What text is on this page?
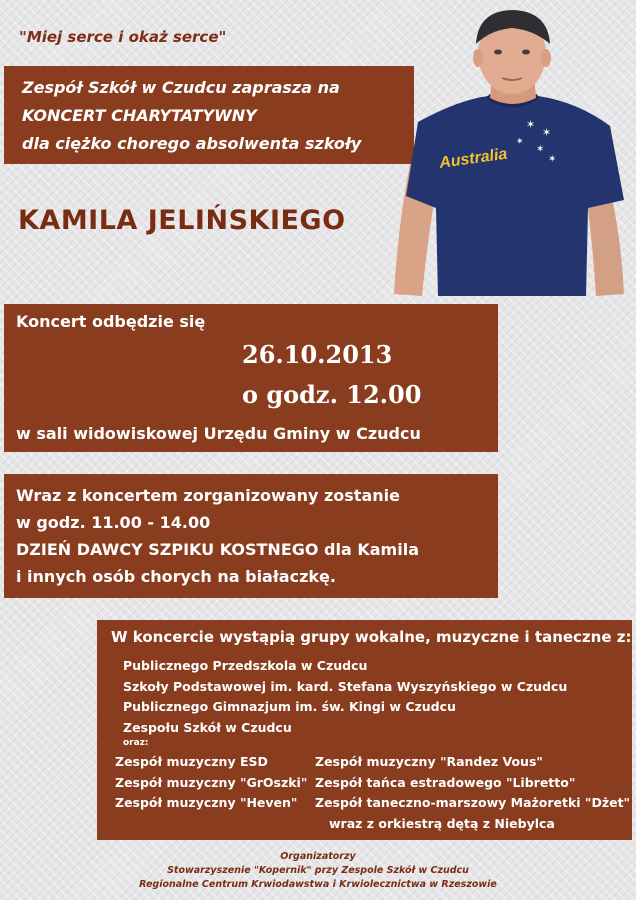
"Miej serce i okaż serce"
Zespół Szkół w Czudcu zaprasza na
KONCERT CHARYTATYWNY
dla ciężko chorego absolwenta szkoły
KAMILA JELIŃSKIEGO
Australia
✶
✶
✶
✶
✶
Koncert odbędzie się
26.10.2013
o godz. 12.00
w sali widowiskowej Urzędu Gminy w Czudcu
Wraz z koncertem zorganizowany zostanie
w godz. 11.00 - 14.00
DZIEŃ DAWCY SZPIKU KOSTNEGO dla Kamila
i innych osób chorych na białaczkę.
W koncercie wystąpią grupy wokalne, muzyczne i taneczne z:
Publicznego Przedszkola w Czudcu
Szkoły Podstawowej im. kard. Stefana Wyszyńskiego w Czudcu
Publicznego Gimnazjum im. św. Kingi w Czudcu
Zespołu Szkół w Czudcu
oraz:
Zespół muzyczny ESD
Zespół muzyczny "GrOszki"
Zespół muzyczny "Heven"
Zespół muzyczny "Randez Vous"
Zespół tańca estradowego "Libretto"
Zespół taneczno-marszowy Mażoretki "Dżet"
wraz z orkiestrą dętą z Niebylca
Organizatorzy
Stowarzyszenie "Kopernik" przy Zespole Szkół w Czudcu
Regionalne Centrum Krwiodawstwa i Krwiolecznictwa w Rzeszowie
